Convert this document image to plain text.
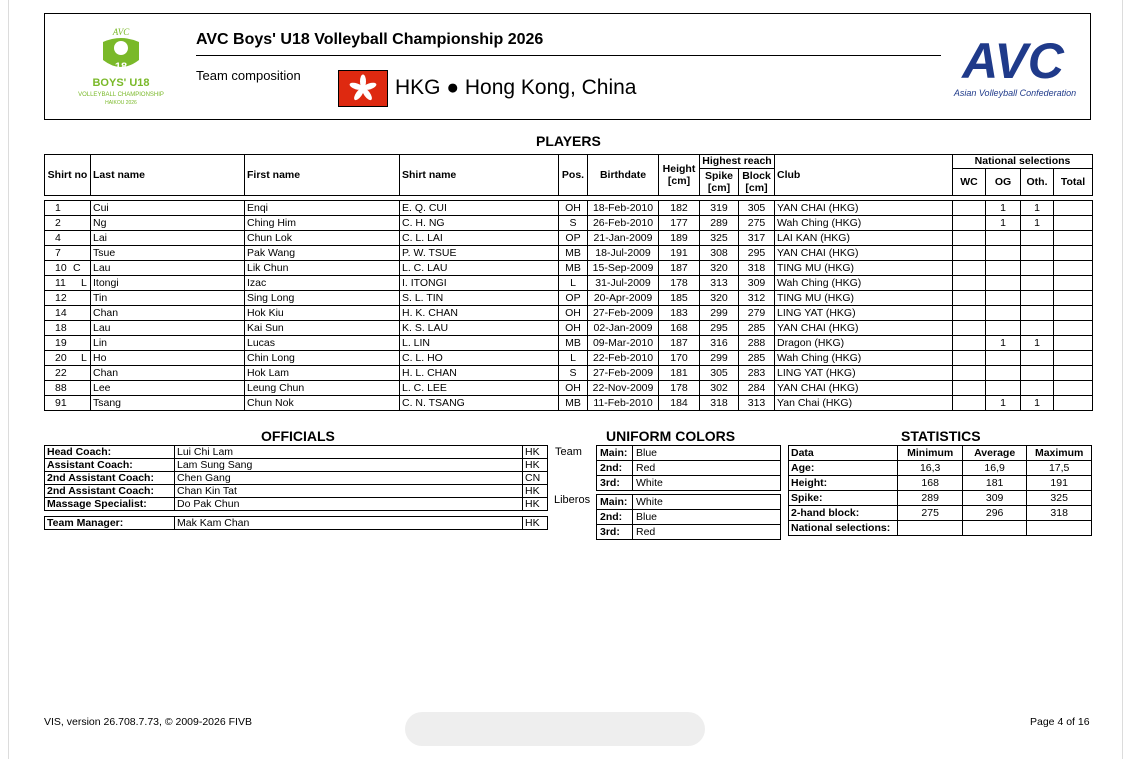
AVC
18
BOYS' U18
VOLLEYBALL CHAMPIONSHIP
HAIKOU 2026
AVC Boys' U18 Volleyball Championship 2026
Team composition
HKG ● Hong Kong, China	AVC
Asian Volleyball Confederation
PLAYERS
Shirt no	Last name	First name	Shirt name	Pos.	Birthdate	Height [cm]	Highest reach		Club	National selections			
							Spike [cm]	Block [cm]		WC	OG	Oth.	Total

1	Cui	Enqi	E. Q. CUI	OH	18-Feb-2010	182	319	305	YAN CHAI (HKG)		1	1	
2	Ng	Ching Him	C. H. NG	S	26-Feb-2010	177	289	275	Wah Ching (HKG)		1	1	
4	Lai	Chun Lok	C. L. LAI	OP	21-Jan-2009	189	325	317	LAI KAN (HKG)				
7	Tsue	Pak Wang	P. W. TSUE	MB	18-Jul-2009	191	308	295	YAN CHAI (HKG)				
10 C	Lau	Lik Chun	L. C. LAU	MB	15-Sep-2009	187	320	318	TING MU (HKG)				
11 L	Itongi	Izac	I. ITONGI	L	31-Jul-2009	178	313	309	Wah Ching (HKG)				
12	Tin	Sing Long	S. L. TIN	OP	20-Apr-2009	185	320	312	TING MU (HKG)				
14	Chan	Hok Kiu	H. K. CHAN	OH	27-Feb-2009	183	299	279	LING YAT (HKG)				
18	Lau	Kai Sun	K. S. LAU	OH	02-Jan-2009	168	295	285	YAN CHAI (HKG)				
19	Lin	Lucas	L. LIN	MB	09-Mar-2010	187	316	288	Dragon (HKG)		1	1	
20 L	Ho	Chin Long	C. L. HO	L	22-Feb-2010	170	299	285	Wah Ching (HKG)				
22	Chan	Hok Lam	H. L. CHAN	S	27-Feb-2009	181	305	283	LING YAT (HKG)				
88	Lee	Leung Chun	L. C. LEE	OH	22-Nov-2009	178	302	284	YAN CHAI (HKG)				
91	Tsang	Chun Nok	C. N. TSANG	MB	11-Feb-2010	184	318	313	Yan Chai (HKG)		1	1	
OFFICIALS
Head Coach:	Lui Chi Lam	HK
Assistant Coach:	Lam Sung Sang	HK
2nd Assistant Coach:	Chen Gang	CN
2nd Assistant Coach:	Chan Kin Tat	HK
Massage Specialist:	Do Pak Chun	HK

Team Manager:	Mak Kam Chan	HK
UNIFORM COLORS
Team Main:	Blue
2nd:	Red
3rd:	White
Liberos Main:	White
2nd:	Blue
3rd:	Red
STATISTICS
Data	Minimum	Average	Maximum
Age:	16,3	16,9	17,5
Height:	168	181	191
Spike:	289	309	325
2-hand block:	275	296	318
National selections:			
VIS, version 26.708.7.73, © 2009-2026 FIVB	Page 4 of 16
